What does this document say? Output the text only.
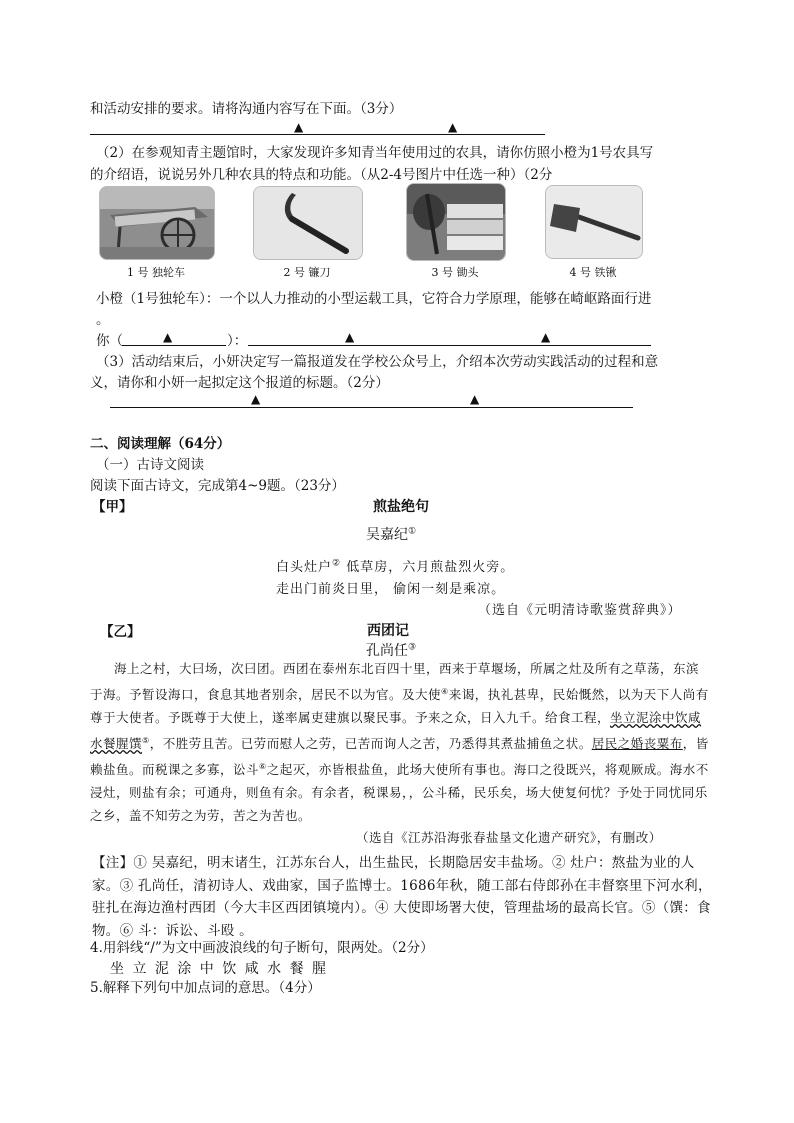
和活动安排的要求。请将沟通内容写在下面。（3分）
▲	▲
（2）在参观知青主题馆时，大家发现许多知青当年使用过的农具，请你仿照小橙为1号农具写
的介绍语，说说另外几种农具的特点和功能。（从2-4号图片中任选一种）（2分
1 号 独轮车	2 号 镰刀	3 号 锄头	4 号 铁锹
小橙（1号独轮车）：一个以人力推动的小型运载工具，它符合力学原理，能够在崎岖路面行进
。
你（	▲	）：	▲	▲
（3）活动结束后，小妍决定写一篇报道发在学校公众号上，介绍本次劳动实践活动的过程和意
义，请你和小妍一起拟定这个报道的标题。（2分）
▲	▲
二、阅读理解（64分）
（一）古诗文阅读
阅读下面古诗文，完成第4~9题。（23分）
【甲】	煎盐绝句
吴嘉纪①
白头灶户② 低草房，六月煎盐烈火旁。
走出门前炎日里， 偷闲一刻是乘凉。
（选自《元明清诗歌鉴赏辞典》）
【乙】	西团记
孔尚任③
海上之村，大曰场，次曰团。西团在泰州东北百四十里，西来于草堰场，所属之灶及所有之草荡，东滨于海。予暂设海口，食息其地者别余，居民不以为官。及大使④来谒，执礼甚卑，民始慨然，以为天下人尚有尊于大使者。予既尊于大使上，遂率属吏建旗以聚民事。予来之众，日入九千。给食工程，坐立泥涂中饮咸水餐腥馔⑤，不胜劳且苦。已劳而慰人之劳，已苦而询人之苦，乃悉得其煮盐捕鱼之状。居民之婚丧粟布，皆赖盐鱼。而税课之多寡，讼斗⑥之起灭，亦皆根盐鱼，此场大使所有事也。海口之役既兴，将观厥成。海水不浸灶，则盐有余；可通舟，则鱼有余。有余者，税课易，，公斗稀，民乐矣，场大使复何忧？予处于同忧同乐之乡，盖不知劳之为劳，苦之为苦也。
（选自《江苏沿海张春盐垦文化遗产研究》，有删改）
【注】① 吴嘉纪，明末诸生，江苏东台人，出生盐民，长期隐居安丰盐场。② 灶户：熬盐为业的人家。③ 孔尚任，清初诗人、戏曲家，国子监博士。1686年秋，随工部右侍郎孙在丰督察里下河水利，驻扎在海边渔村西团（今大丰区西团镇境内）。④ 大使即场署大使，管理盐场的最高长官。⑤（馔：食物。⑥ 斗：诉讼、斗殴 。
4.用斜线“/”为文中画波浪线的句子断句，限两处。（2分）
坐 立 泥 涂 中 饮 咸 水 餐 腥
5.解释下列句中加点词的意思。（4分）
